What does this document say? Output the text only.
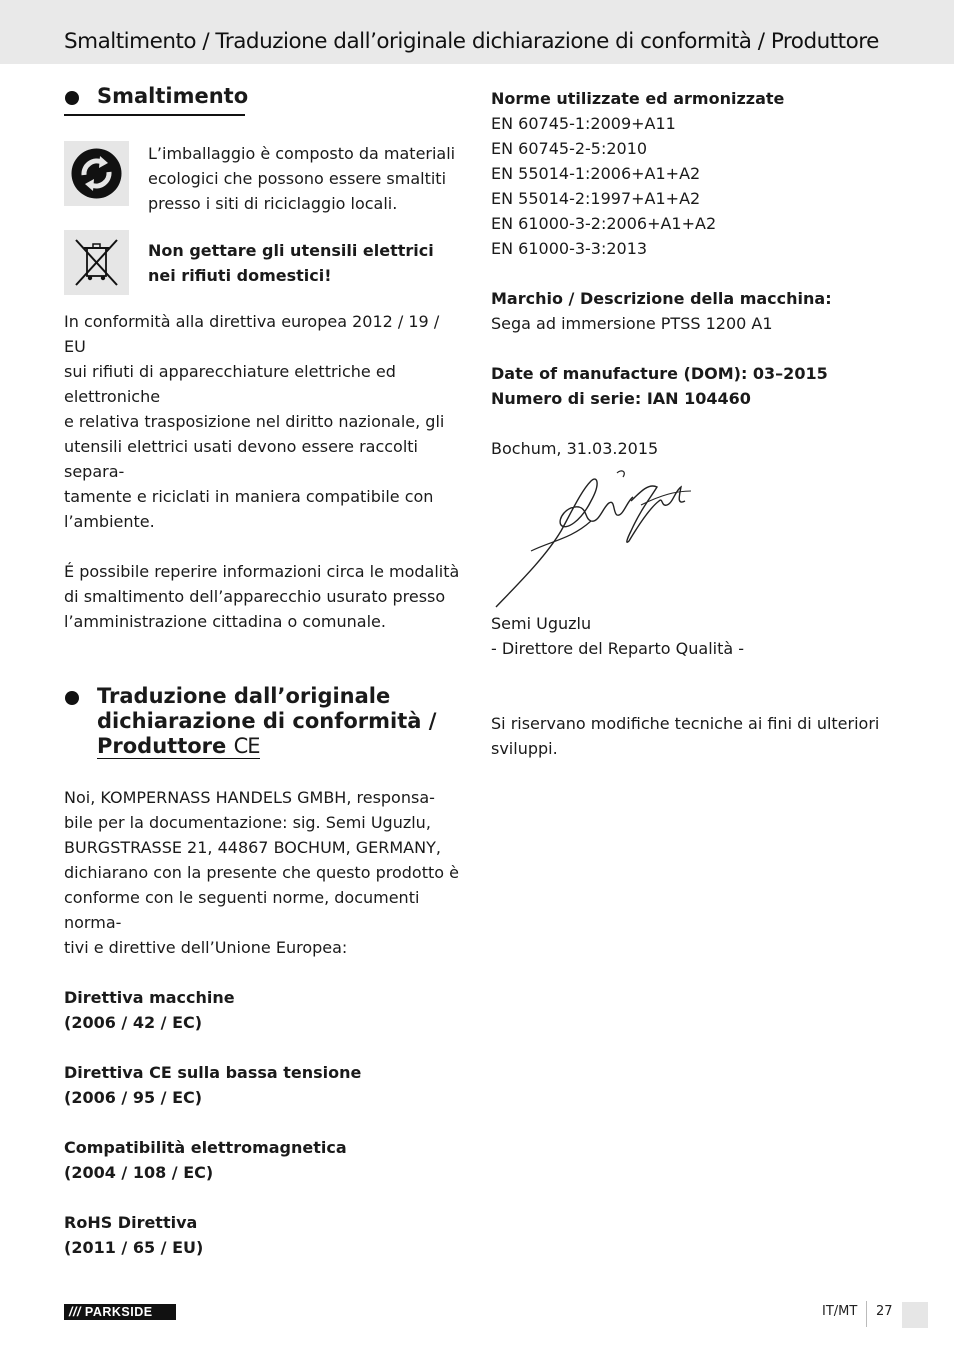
Smaltimento / Traduzione dall’originale dichiarazione di conformità / Produttore
Smaltimento

L’imballaggio è composto da materiali

ecologici che possono essere smaltiti

presso i siti di riciclaggio locali.

Non gettare gli utensili elettrici

nei rifiuti domestici!

In conformità alla direttiva europea 2012 / 19 / EU

sui rifiuti di apparecchiature elettriche ed elettroniche

e relativa trasposizione nel diritto nazionale, gli

utensili elettrici usati devono essere raccolti separa-

tamente e riciclati in maniera compatibile con

l’ambiente.

É possibile reperire informazioni circa le modalità

di smaltimento dell’apparecchio usurato presso

l’amministrazione cittadina o comunale.

Traduzione dall’originale
dichiarazione di conformità /
Produttore CE

Noi, KOMPERNASS HANDELS GMBH, responsa-

bile per la documentazione: sig. Semi Uguzlu,

BURGSTRASSE 21, 44867 BOCHUM, GERMANY,

dichiarano con la presente che questo prodotto è

conforme con le seguenti norme, documenti norma-

tivi e direttive dell’Unione Europea:

Direttiva macchine

(2006 / 42 / EC)

Direttiva CE sulla bassa tensione

(2006 / 95 / EC)

Compatibilità elettromagnetica

(2004 / 108 / EC)

RoHS Direttiva

(2011 / 65 / EU)

Norme utilizzate ed armonizzate

EN 60745-1:2009+A11

EN 60745-2-5:2010

EN 55014-1:2006+A1+A2

EN 55014-2:1997+A1+A2

EN 61000-3-2:2006+A1+A2

EN 61000-3-3:2013

Marchio / Descrizione della macchina:

Sega ad immersione PTSS 1200 A1

Date of manufacture (DOM): 03–2015

Numero di serie: IAN 104460

Bochum, 31.03.2015

Semi Uguzlu

- Direttore del Reparto Qualità -

Si riservano modifiche tecniche ai fini di ulteriori

sviluppi.

/// PARKSIDE	IT/MT 27
